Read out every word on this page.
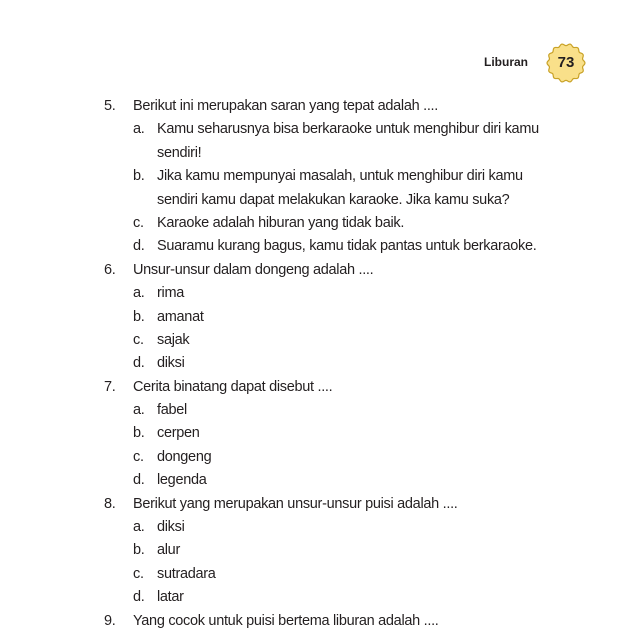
Liburan	73
5. Berikut ini merupakan saran yang tepat adalah ....
a. Kamu seharusnya bisa berkaraoke untuk menghibur diri kamu
sendiri!
b. Jika kamu mempunyai masalah, untuk menghibur diri kamu
sendiri kamu dapat melakukan karaoke. Jika kamu suka?
c. Karaoke adalah hiburan yang tidak baik.
d. Suaramu kurang bagus, kamu tidak pantas untuk berkaraoke.
6. Unsur-unsur dalam dongeng adalah ....
a. rima
b. amanat
c. sajak
d. diksi
7. Cerita binatang dapat disebut ....
a. fabel
b. cerpen
c. dongeng
d. legenda
8. Berikut yang merupakan unsur-unsur puisi adalah ....
a. diksi
b. alur
c. sutradara
d. latar
9. Yang cocok untuk puisi bertema liburan adalah ....
